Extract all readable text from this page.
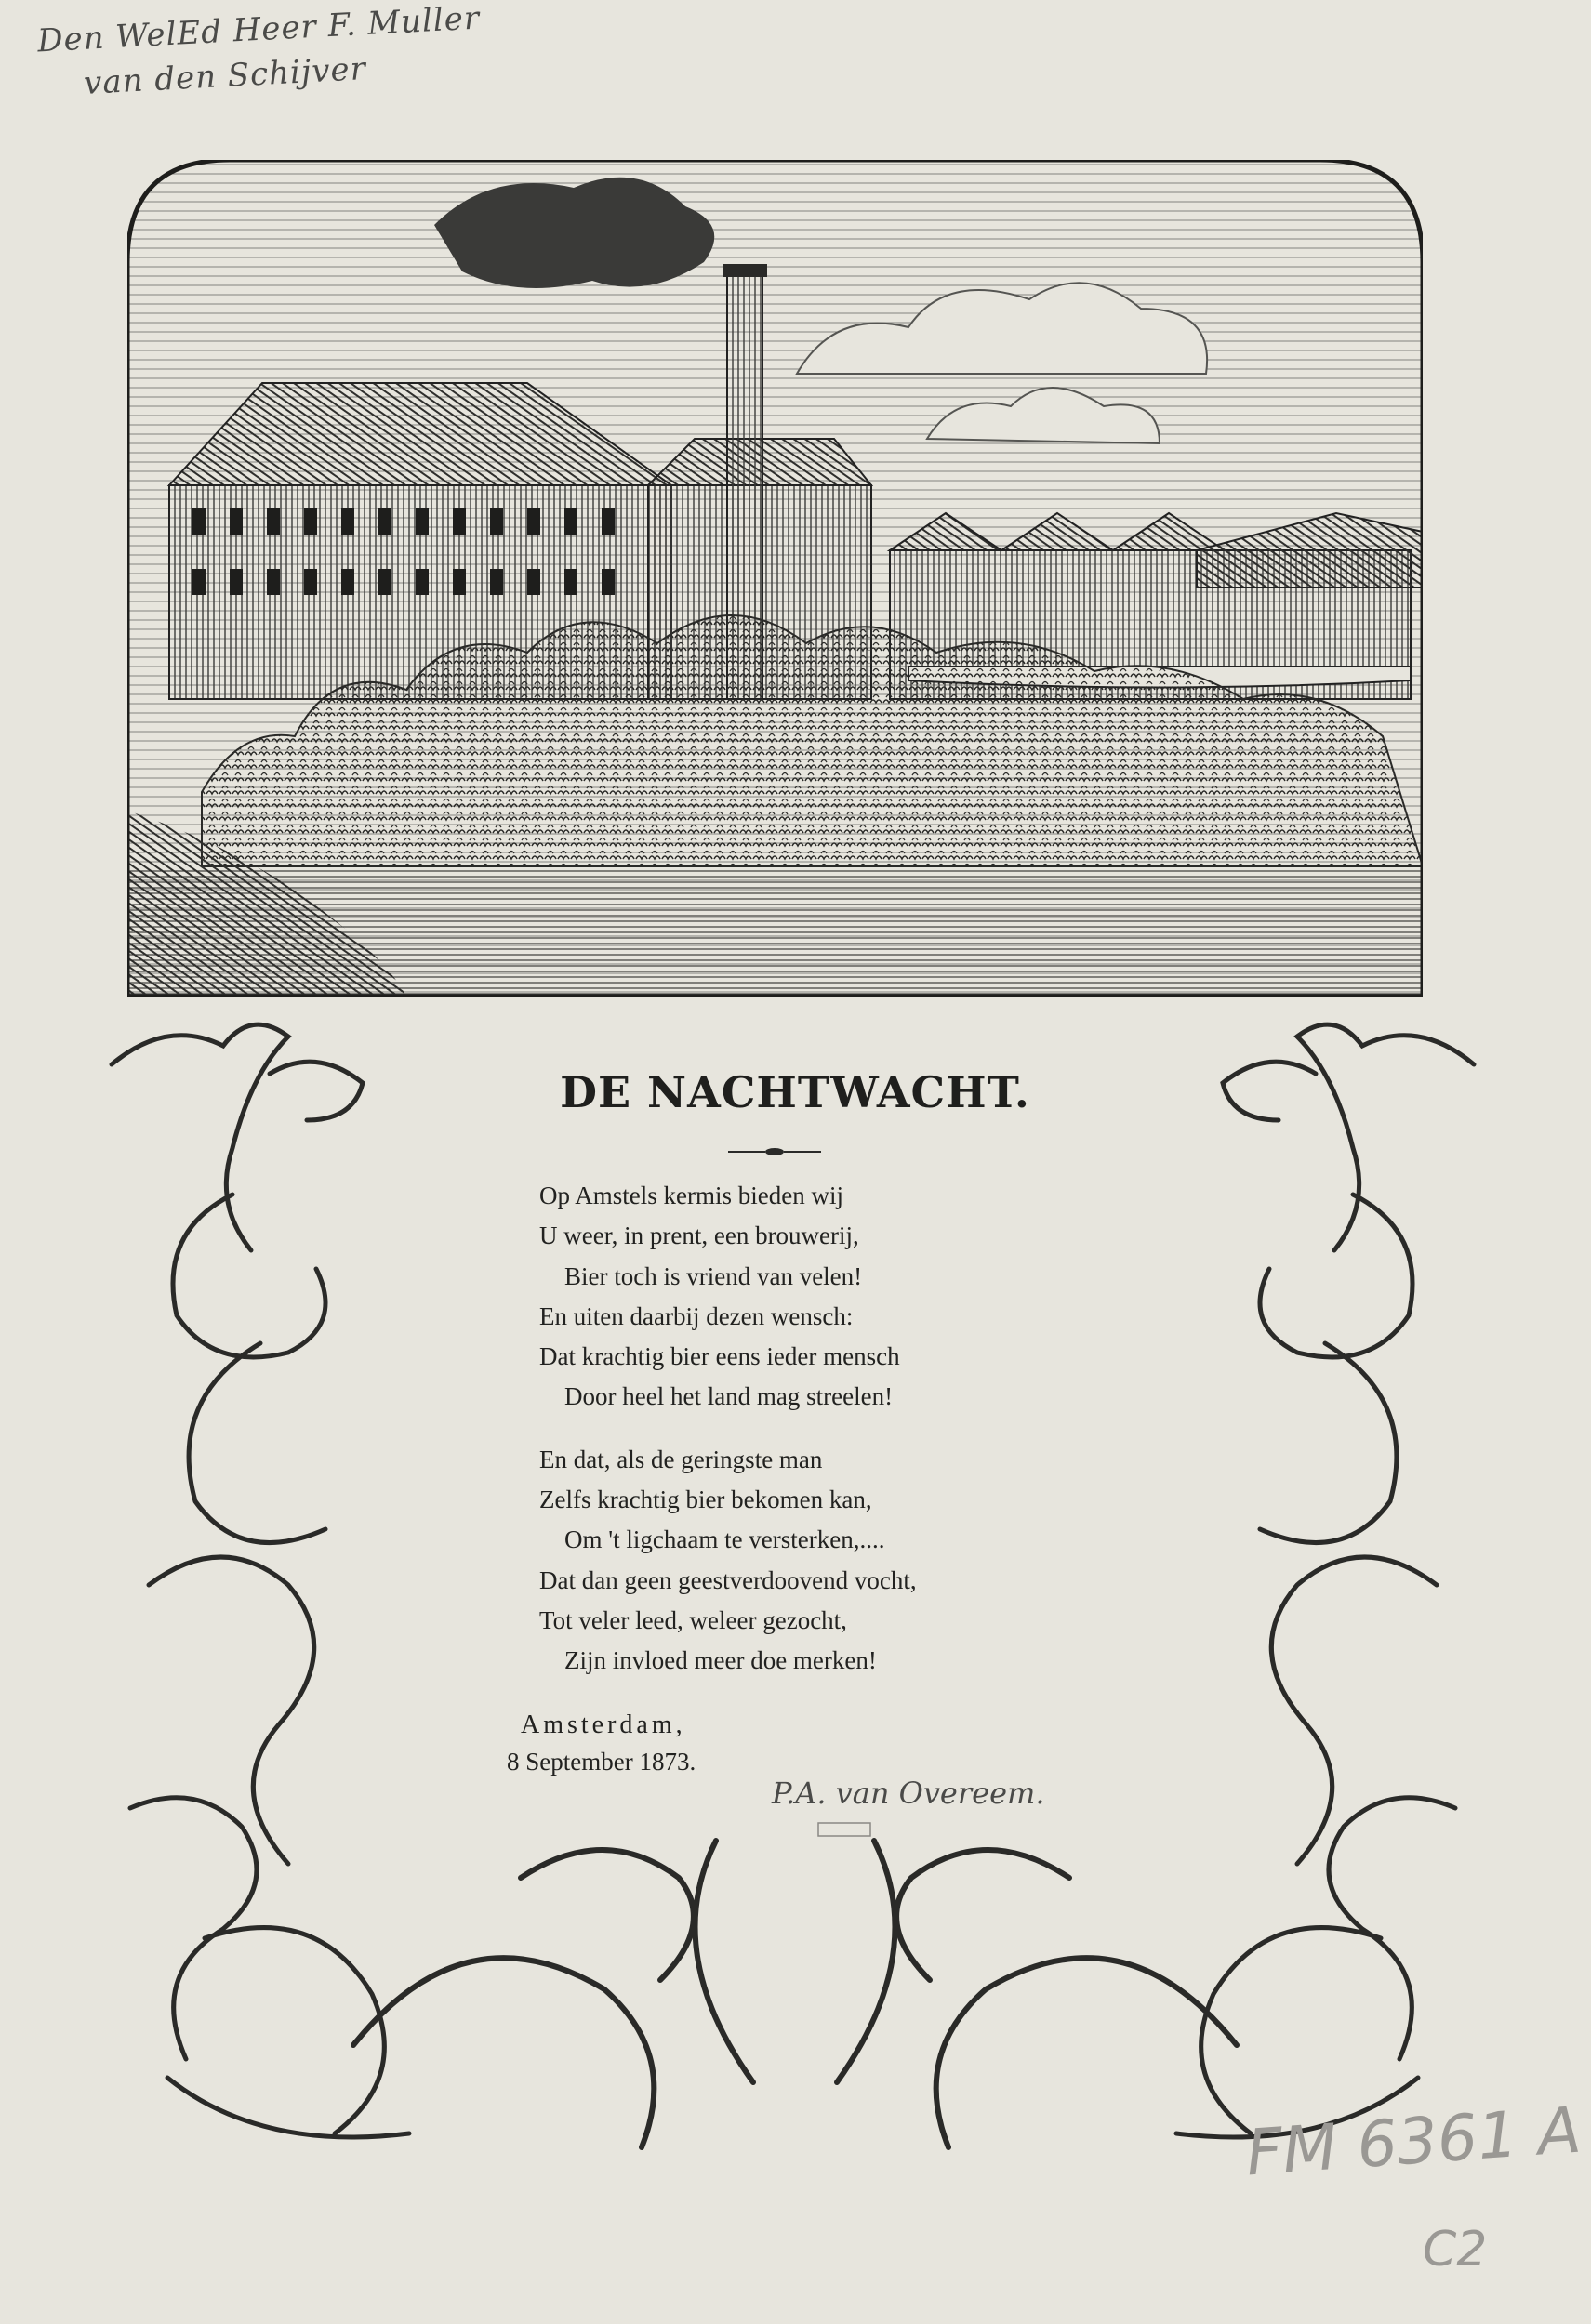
Den WelEd Heer F. Muller
van den Schijver
DE NACHTWACHT.
Op Amstels kermis bieden wij
U weer, in prent, een brouwerij,
Bier toch is vriend van velen!
En uiten daarbij dezen wensch:
Dat krachtig bier eens ieder mensch
Door heel het land mag streelen!
En dat, als de geringste man
Zelfs krachtig bier bekomen kan,
Om 't ligchaam te versterken,....
Dat dan geen geestverdoovend vocht,
Tot veler leed, weleer gezocht,
Zijn invloed meer doe merken!
Amsterdam,
8 September 1873.
P.A. van Overeem.
FM 6361 A
C2
